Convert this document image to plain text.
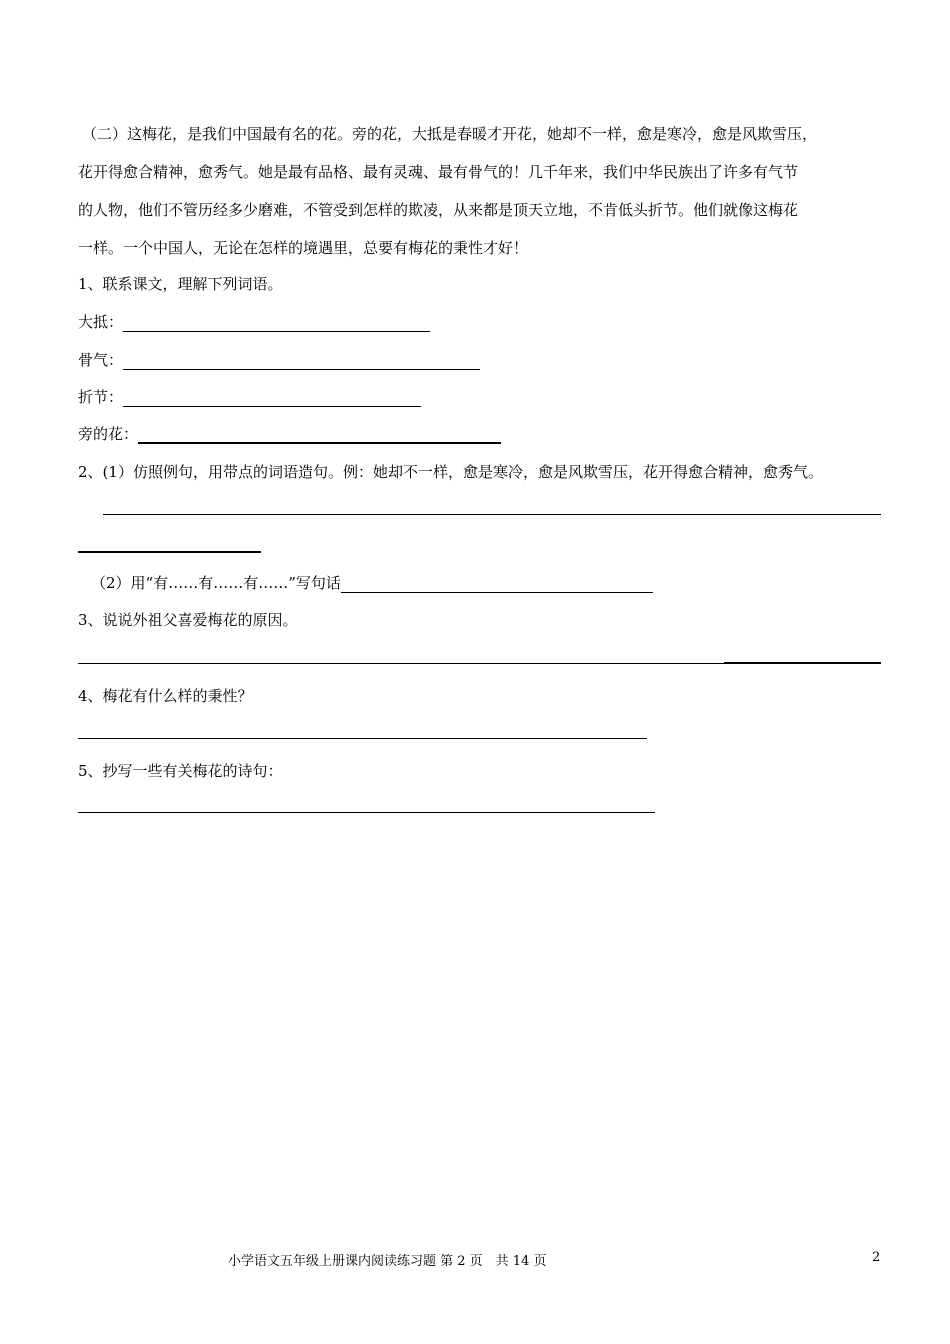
（二）这梅花，是我们中国最有名的花。旁的花，大抵是春暖才开花，她却不一样，愈是寒冷，愈是风欺雪压，
花开得愈合精神，愈秀气。她是最有品格、最有灵魂、最有骨气的！几千年来，我们中华民族出了许多有气节
的人物，他们不管历经多少磨难，不管受到怎样的欺凌，从来都是顶天立地，不肯低头折节。他们就像这梅花
一样。一个中国人，无论在怎样的境遇里，总要有梅花的秉性才好！
1、联系课文，理解下列词语。
大抵：
骨气：
折节：
旁的花：
2、(1）仿照例句，用带点的词语造句。例：她却不一样，愈是寒冷，愈是风欺雪压，花开得愈合精神，愈秀气。
（2）用“有……有……有……”写句话
3、说说外祖父喜爱梅花的原因。
4、梅花有什么样的秉性？
5、抄写一些有关梅花的诗句：
小学语文五年级上册课内阅读练习题 第 2 页　共 14 页	2
